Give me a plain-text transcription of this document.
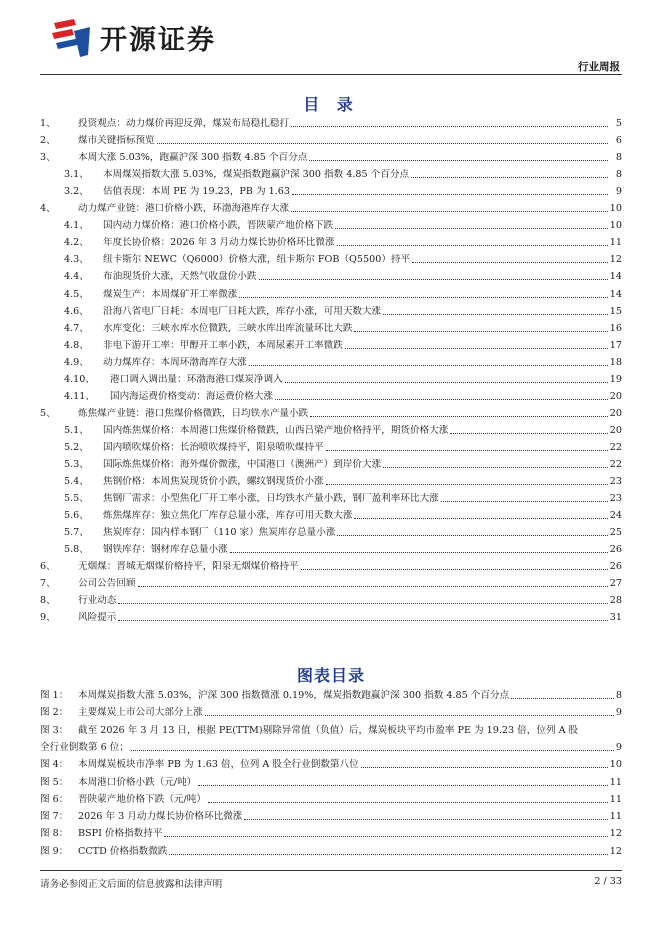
开源证券
行业周报
目 录
1、	投资观点：动力煤价再迎反弹，煤炭布局稳扎稳打	5
2、	煤市关键指标预览	6
3、	本周大涨 5.03%，跑赢沪深 300 指数 4.85 个百分点	8
3.1、	本周煤炭指数大涨 5.03%，煤炭指数跑赢沪深 300 指数 4.85 个百分点	8
3.2、	估值表现：本周 PE 为 19.23，PB 为 1.63	9
4、	动力煤产业链：港口价格小跌，环渤海港库存大涨	10
4.1、	国内动力煤价格：港口价格小跌，晋陕蒙产地价格下跌	10
4.2、	年度长协价格：2026 年 3 月动力煤长协价格环比微涨	11
4.3、	纽卡斯尔 NEWC（Q6000）价格大涨，纽卡斯尔 FOB（Q5500）持平	12
4.4、	布油现货价大涨，天然气收盘价小跌	14
4.5、	煤炭生产：本周煤矿开工率微涨	14
4.6、	沿海八省电厂日耗：本周电厂日耗大跌，库存小涨，可用天数大涨	15
4.7、	水库变化：三峡水库水位微跌，三峡水库出库流量环比大跌	16
4.8、	非电下游开工率：甲醇开工率小跌，本周尿素开工率微跌	17
4.9、	动力煤库存：本周环渤海库存大涨	18
4.10、	港口调入调出量：环渤海港口煤炭净调入	19
4.11、	国内海运费价格变动：海运费价格大涨	20
5、	炼焦煤产业链：港口焦煤价格微跌，日均铁水产量小跌	20
5.1、	国内炼焦煤价格：本周港口焦煤价格微跌，山西吕梁产地价格持平，期货价格大涨	20
5.2、	国内喷吹煤价格：长治喷吹煤持平，阳泉喷吹煤持平	22
5.3、	国际炼焦煤价格：海外煤价微涨，中国港口（澳洲产）到岸价大涨	22
5.4、	焦钢价格：本周焦炭现货价小跌，螺纹钢现货价小涨	23
5.5、	焦钢厂需求：小型焦化厂开工率小涨，日均铁水产量小跌，钢厂盈利率环比大涨	23
5.6、	炼焦煤库存：独立焦化厂库存总量小涨，库存可用天数大涨	24
5.7、	焦炭库存：国内样本钢厂（110 家）焦炭库存总量小涨	25
5.8、	钢铁库存：钢材库存总量小涨	26
6、	无烟煤：晋城无烟煤价格持平，阳泉无烟煤价格持平	26
7、	公司公告回顾	27
8、	行业动态	28
9、	风险提示	31
图表目录
图 1：	本周煤炭指数大涨 5.03%，沪深 300 指数微涨 0.19%，煤炭指数跑赢沪深 300 指数 4.85 个百分点	8
图 2：	主要煤炭上市公司大部分上涨	9
图 3：	截至 2026 年 3 月 13 日，根据 PE(TTM)剔除异常值（负值）后，煤炭板块平均市盈率 PE 为 19.23 倍，位列 A 股
全行业倒数第 6 位；	9
图 4：	本周煤炭板块市净率 PB 为 1.63 倍，位列 A 股全行业倒数第八位	10
图 5：	本周港口价格小跌（元/吨）	11
图 6：	晋陕蒙产地价格下跌（元/吨）	11
图 7：	2026 年 3 月动力煤长协价格环比微涨	11
图 8：	BSPI 价格指数持平	12
图 9：	CCTD 价格指数微跌	12
请务必参阅正文后面的信息披露和法律声明	2 / 33
